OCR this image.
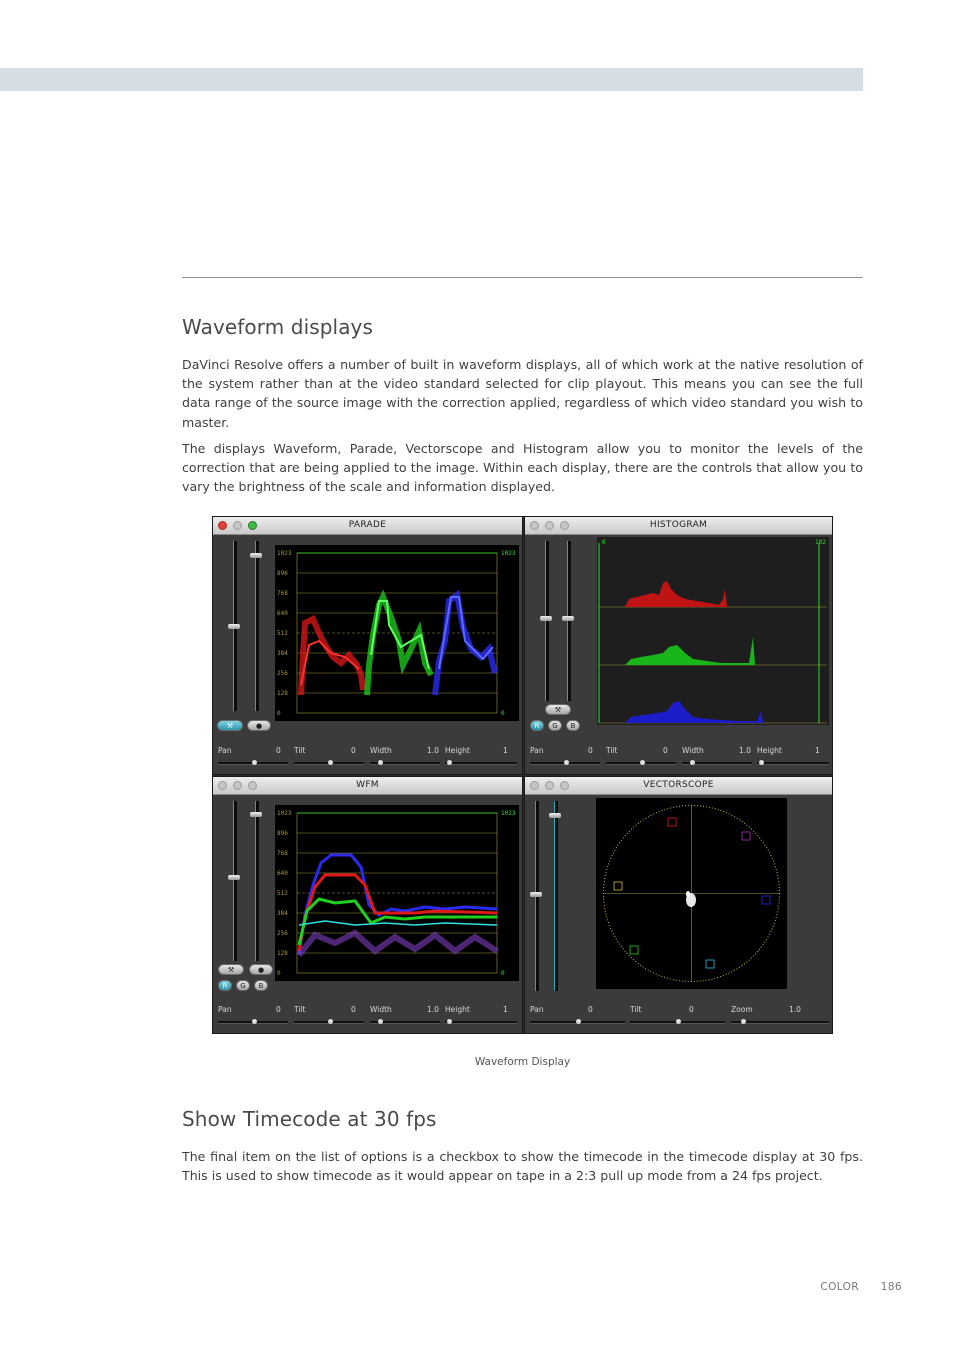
Waveform displays

DaVinci Resolve offers a number of built in waveform displays, all of which work at the native resolution of the system rather than at the video standard selected for clip playout. This means you can see the full data range of the source image with the correction applied, regardless of which video standard you wish to master.

The displays Waveform, Parade, Vectorscope and Histogram allow you to monitor the levels of the correction that are being applied to the image. Within each display, there are the controls that allow you to vary the brightness of the scale and information displayed.

PARADE
⚒	●
1023
896
768
640
512
384
256
128
0
1023
0
Pan	0 Tilt	0 Width	1.0 Height	1
HISTOGRAM
⚒
R	G	B
0	102
Pan	0 Tilt	0 Width	1.0 Height	1
WFM
⚒	●
R	G	B
1023
896
768
640
512
384
256
128
0
1023
0
Pan	0 Tilt	0 Width	1.0 Height	1
VECTORSCOPE
Pan	0	Tilt	0	Zoom	1.0
Waveform Display
Show Timecode at 30 fps

The final item on the list of options is a checkbox to show the timecode in the timecode display at 30 fps. This is used to show timecode as it would appear on tape in a 2:3 pull up mode from a 24 fps project.

COLOR 186
